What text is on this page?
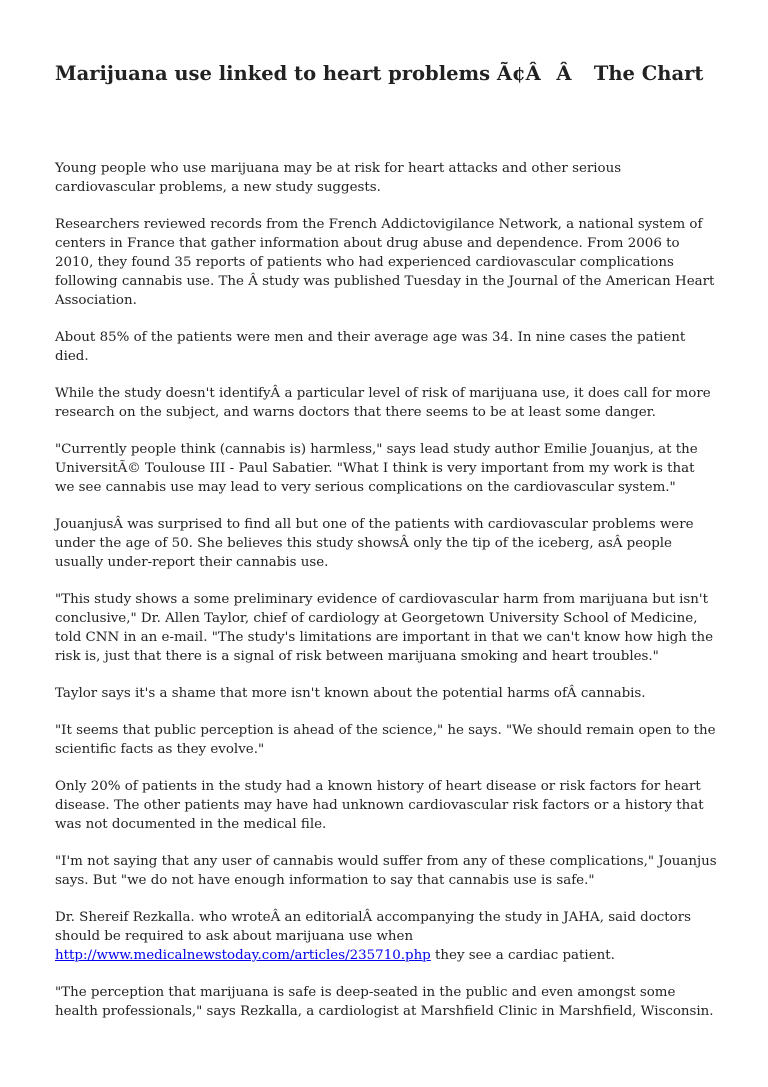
Marijuana use linked to heart problems Ã¢ÂÂ The Chart

Young people who use marijuana may be at risk for heart attacks and other serious cardiovascular problems, a new study suggests.

Researchers reviewed records from the French Addictovigilance Network, a national system of centers in France that gather information about drug abuse and dependence. From 2006 to 2010, they found 35 reports of patients who had experienced cardiovascular complications following cannabis use. The Â study was published Tuesday in the Journal of the American Heart Association.

About 85% of the patients were men and their average age was 34. In nine cases the patient died.

While the study doesn't identifyÂ a particular level of risk of marijuana use, it does call for more research on the subject, and warns doctors that there seems to be at least some danger.

"Currently people think (cannabis is) harmless," says lead study author Emilie Jouanjus, at the UniversitÃ© Toulouse III - Paul Sabatier. "What I think is very important from my work is that we see cannabis use may lead to very serious complications on the cardiovascular system."

JouanjusÂ was surprised to find all but one of the patients with cardiovascular problems were under the age of 50. She believes this study showsÂ only the tip of the iceberg, asÂ people usually under-report their cannabis use.

"This study shows a some preliminary evidence of cardiovascular harm from marijuana but isn't conclusive," Dr. Allen Taylor, chief of cardiology at Georgetown University School of Medicine, told CNN in an e-mail. "The study's limitations are important in that we can't know how high the risk is, just that there is a signal of risk between marijuana smoking and heart troubles."

Taylor says it's a shame that more isn't known about the potential harms ofÂ cannabis.

"It seems that public perception is ahead of the science," he says. "We should remain open to the scientific facts as they evolve."

Only 20% of patients in the study had a known history of heart disease or risk factors for heart disease. The other patients may have had unknown cardiovascular risk factors or a history that was not documented in the medical file.

"I'm not saying that any user of cannabis would suffer from any of these complications," Jouanjus says. But "we do not have enough information to say that cannabis use is safe."

Dr. Shereif Rezkalla. who wroteÂ an editorialÂ accompanying the study in JAHA, said doctors should be required to ask about marijuana use when http://www.medicalnewstoday.com/articles/235710.php they see a cardiac patient.

"The perception that marijuana is safe is deep-seated in the public and even amongst some health professionals," says Rezkalla, a cardiologist at Marshfield Clinic in Marshfield, Wisconsin.
